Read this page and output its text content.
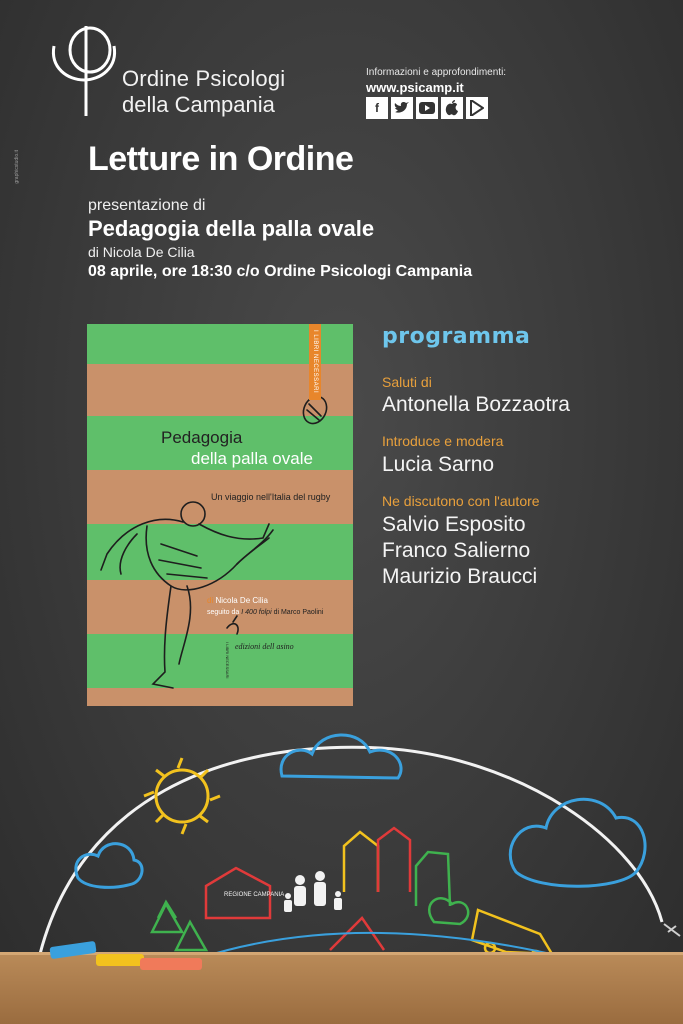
Ordine Psicologi
della Campania
Informazioni e approfondimenti:
www.psicamp.it
f
graphicstudio.it Letture in Ordine
presentazione di
Pedagogia della palla ovale
di Nicola De Cilia
08 aprile, ore 18:30 c/o Ordine Psicologi Campania
I LIBRI NECESSARI
Pedagogia
della palla ovale
Un viaggio nell'Italia del rugby
di Nicola De Cilia
seguito da I 400 folpi di Marco Paolini
I LIBRI NECESSARI edizioni dell asino
programma
Saluti di
Antonella Bozzaotra
Introduce e modera
Lucia Sarno
Ne discutono con l'autore
Salvio Esposito
Franco Salierno
Maurizio Braucci
REGIONE CAMPANIA
